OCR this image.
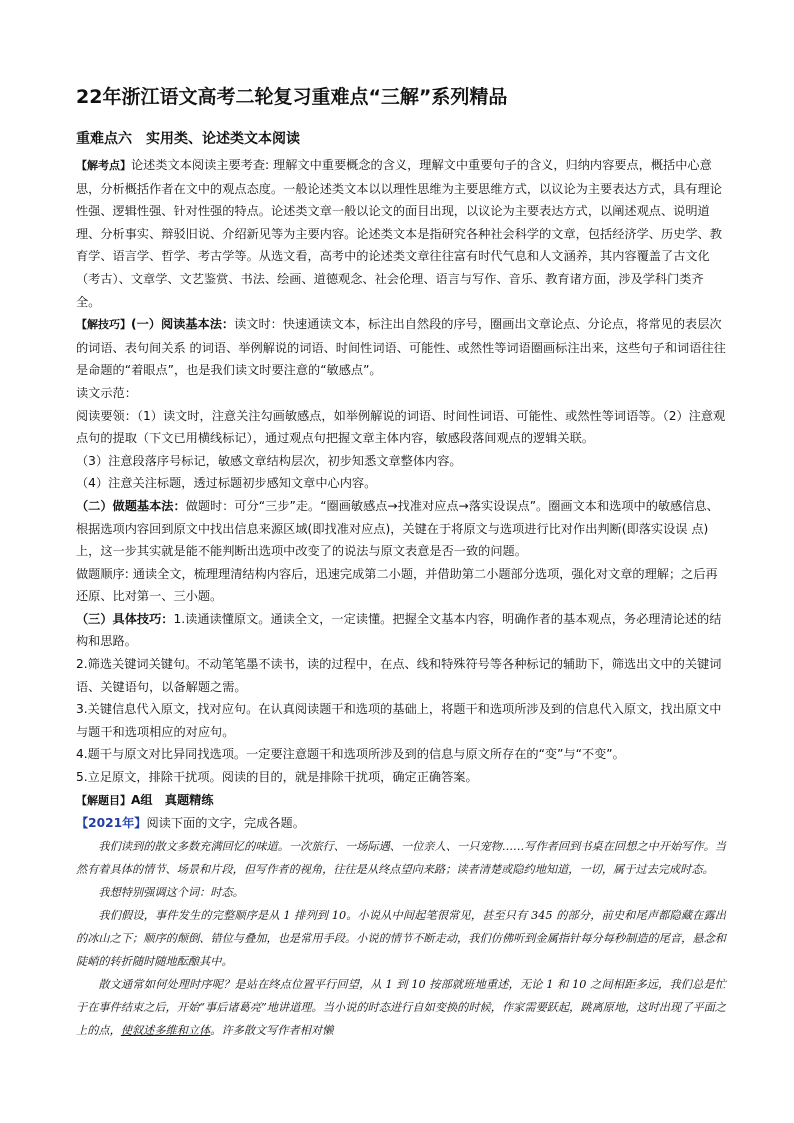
22年浙江语文高考二轮复习重难点“三解”系列精品
重难点六　实用类、论述类文本阅读

【解考点】论述类文本阅读主要考查: 理解文中重要概念的含义，理解文中重要句子的含义，归纳内容要点，概括中心意思，分析概括作者在文中的观点态度。一般论述类文本以以理性思维为主要思维方式，以议论为主要表达方式，具有理论性强、逻辑性强、针对性强的特点。论述类文章一般以论文的面目出现，以议论为主要表达方式，以阐述观点、说明道理、分析事实、辩驳旧说、介绍新见等为主要内容。论述类文本是指研究各种社会科学的文章，包括经济学、历史学、教育学、语言学、哲学、考古学等。从选文看，高考中的论述类文章往往富有时代气息和人文涵养，其内容覆盖了古文化（考古）、文章学、文艺鉴赏、书法、绘画、道德观念、社会伦理、语言与写作、音乐、教育诸方面，涉及学科门类齐全。

【解技巧】(一）阅读基本法：读文时：快速通读文本，标注出自然段的序号，圈画出文章论点、分论点，将常见的表层次的词语、表句间关系 的词语、举例解说的词语、时间性词语、可能性、或然性等词语圈画标注出来，这些句子和词语往往是命题的“着眼点”，也是我们读文时要注意的“敏感点”。

读文示范：

阅读要领：（1）读文时，注意关注勾画敏感点，如举例解说的词语、时间性词语、可能性、或然性等词语等。（2）注意观点句的提取（下文已用横线标记），通过观点句把握文章主体内容，敏感段落间观点的逻辑关联。

（3）注意段落序号标记，敏感文章结构层次，初步知悉文章整体内容。

（4）注意关注标题，透过标题初步感知文章中心内容。

（二）做题基本法：做题时：可分“三步”走。“圈画敏感点→找准对应点→落实设误点”。圈画文本和选项中的敏感信息、根据选项内容回到原文中找出信息来源区域(即找准对应点)，关键在于将原文与选项进行比对作出判断(即落实设误 点)上，这一步其实就是能不能判断出选项中改变了的说法与原文表意是否一致的问题。

做题顺序: 通读全文，梳理理清结构内容后，迅速完成第二小题，并借助第二小题部分选项，强化对文章的理解；之后再还原、比对第一、三小题。

（三）具体技巧：1.读通读懂原文。通读全文，一定读懂。把握全文基本内容，明确作者的基本观点，务必理清论述的结构和思路。

2.筛选关键词关键句。不动笔笔墨不读书，读的过程中，在点、线和特殊符号等各种标记的辅助下，筛选出文中的关键词语、关键语句，以备解题之需。

3.关键信息代入原文，找对应句。在认真阅读题干和选项的基础上，将题干和选项所涉及到的信息代入原文，找出原文中与题干和选项相应的对应句。

4.题干与原文对比异同找选项。一定要注意题干和选项所涉及到的信息与原文所存在的“变”与“不变”。

5.立足原文，排除干扰项。阅读的目的，就是排除干扰项，确定正确答案。

【解题目】A组　真题精练

【2021年】阅读下面的文字，完成各题。

我们读到的散文多数充满回忆的味道。一次旅行、一场际遇、一位亲人、一只宠物……写作者回到书桌在回想之中开始写作。当然有着具体的情节、场景和片段，但写作者的视角，往往是从终点望向来路；读者清楚或隐约地知道，一切，属于过去完成时态。

我想特别强调这个词：时态。

我们假设，事件发生的完整顺序是从 1 排列到 10。小说从中间起笔很常见，甚至只有 345 的部分，前史和尾声都隐藏在露出的冰山之下；顺序的颠倒、错位与叠加，也是常用手段。小说的情节不断走动，我们仿佛听到金属指针每分每秒制造的尾音，悬念和陡峭的转折随时随地酝酿其中。

散文通常如何处理时序呢？是站在终点位置平行回望，从 1 到 10 按部就班地重述，无论 1 和 10 之间相距多远，我们总是忙于在事件结束之后，开始“事后诸葛亮”地讲道理。当小说的时态进行自如变换的时候，作家需要跃起，跳离原地，这时出现了平面之上的点，使叙述多维和立体。许多散文写作者相对懒
